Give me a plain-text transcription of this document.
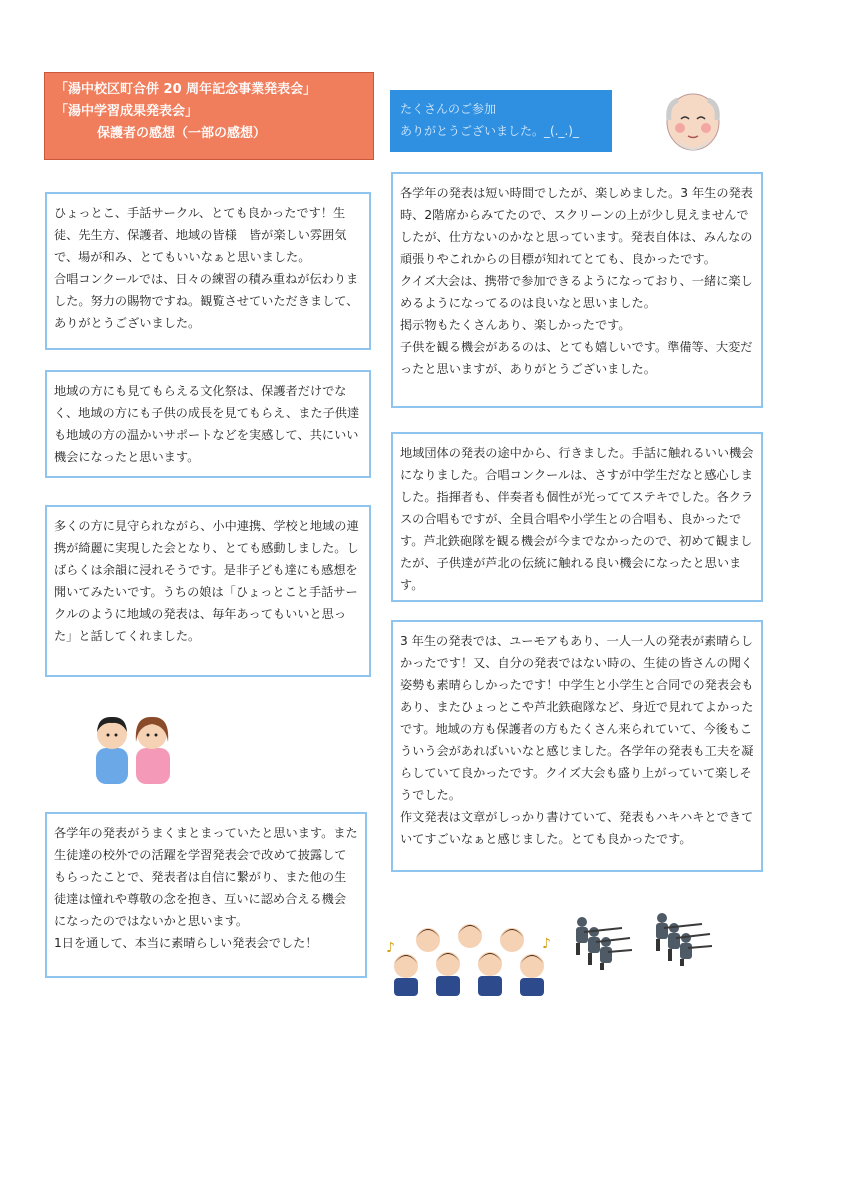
「湯中校区町合併 20 周年記念事業発表会」
「湯中学習成果発表会」
保護者の感想（一部の感想）
たくさんのご参加
ありがとうございました。_(._.)_

ひょっとこ、手話サークル、とても良かったです！生徒、先生方、保護者、地域の皆様　皆が楽しい雰囲気で、場が和み、とてもいいなぁと思いました。
合唱コンクールでは、日々の練習の積み重ねが伝わりました。努力の賜物ですね。観覧させていただきまして、ありがとうございました。

地域の方にも見てもらえる文化祭は、保護者だけでなく、地域の方にも子供の成長を見てもらえ、また子供達も地域の方の温かいサポートなどを実感して、共にいい機会になったと思います。

多くの方に見守られながら、小中連携、学校と地域の連携が綺麗に実現した会となり、とても感動しました。しばらくは余韻に浸れそうです。是非子ども達にも感想を聞いてみたいです。うちの娘は「ひょっとこと手話サークルのように地域の発表は、毎年あってもいいと思った」と話してくれました。

各学年の発表がうまくまとまっていたと思います。また生徒達の校外での活躍を学習発表会で改めて披露してもらったことで、発表者は自信に繋がり、また他の生徒達は憧れや尊敬の念を抱き、互いに認め合える機会になったのではないかと思います。
1日を通して、本当に素晴らしい発表会でした！

各学年の発表は短い時間でしたが、楽しめました。3 年生の発表時、2階席からみてたので、スクリーンの上が少し見えませんでしたが、仕方ないのかなと思っています。発表自体は、みんなの頑張りやこれからの目標が知れてとても、良かったです。
クイズ大会は、携帯で参加できるようになっており、一緒に楽しめるようになってるのは良いなと思いました。
掲示物もたくさんあり、楽しかったです。
子供を観る機会があるのは、とても嬉しいです。準備等、大変だったと思いますが、ありがとうございました。

地域団体の発表の途中から、行きました。手話に触れるいい機会になりました。合唱コンクールは、さすが中学生だなと感心しました。指揮者も、伴奏者も個性が光っててステキでした。各クラスの合唱もですが、全員合唱や小学生との合唱も、良かったです。芦北鉄砲隊を観る機会が今までなかったので、初めて観ましたが、子供達が芦北の伝統に触れる良い機会になったと思います。

3 年生の発表では、ユーモアもあり、一人一人の発表が素晴らしかったです！又、自分の発表ではない時の、生徒の皆さんの聞く姿勢も素晴らしかったです！中学生と小学生と合同での発表会もあり、またひょっとこや芦北鉄砲隊など、身近で見れてよかったです。地域の方も保護者の方もたくさん来られていて、今後もこういう会があればいいなと感じました。各学年の発表も工夫を凝らしていて良かったです。クイズ大会も盛り上がっていて楽しそうでした。
作文発表は文章がしっかり書けていて、発表もハキハキとできていてすごいなぁと感じました。とても良かったです。

♪	♪
